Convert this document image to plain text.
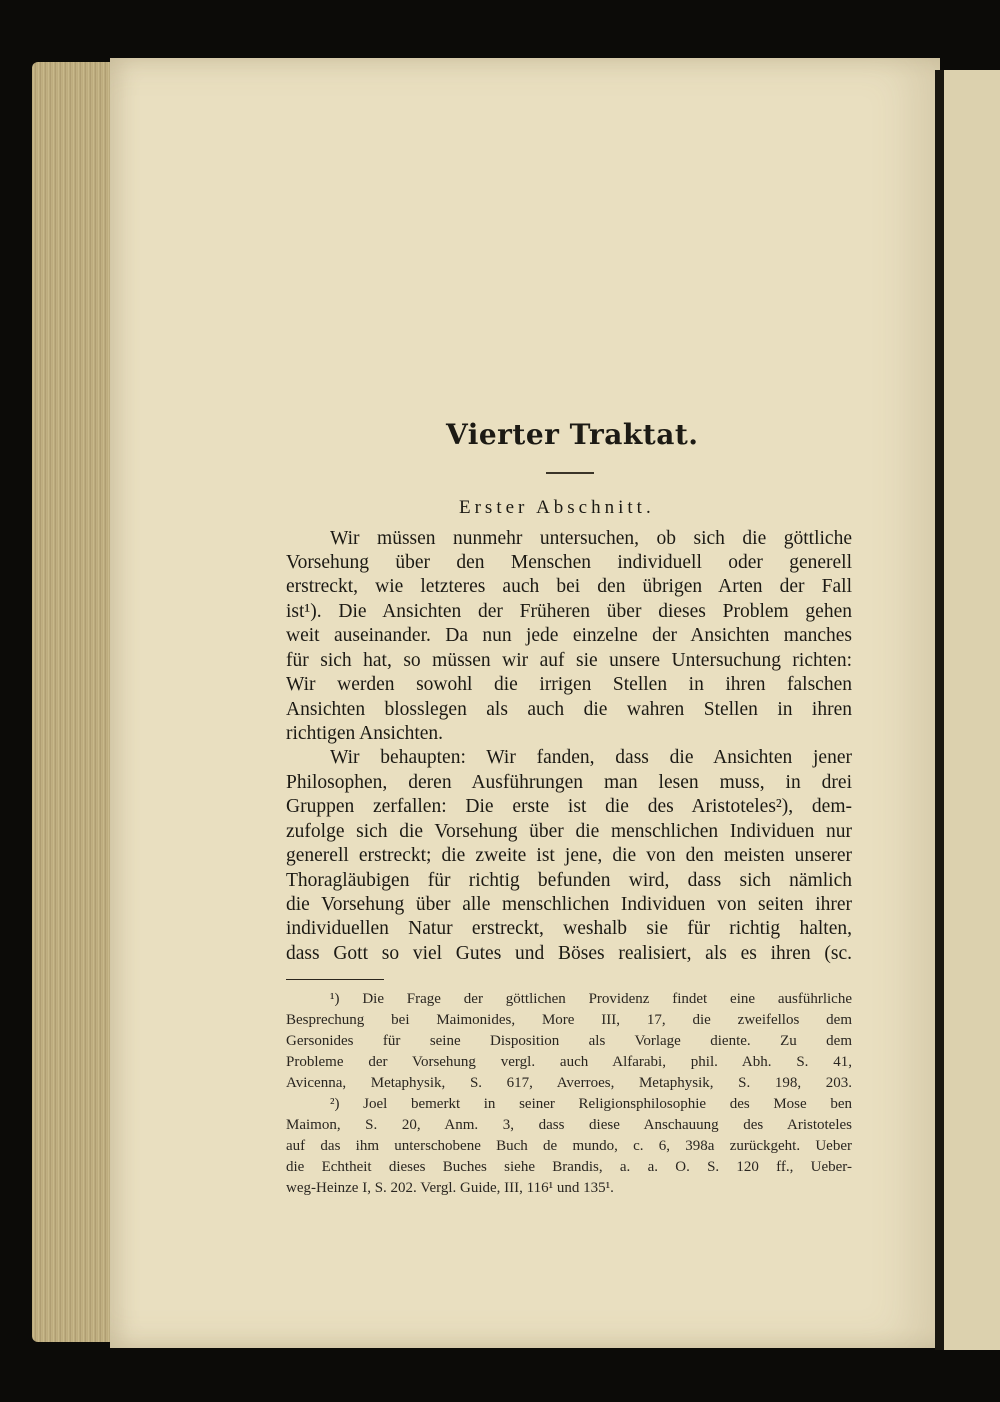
Vierter Traktat.
Erster Abschnitt.
Wir müssen nunmehr untersuchen, ob sich die göttliche
Vorsehung über den Menschen individuell oder generell
erstreckt, wie letzteres auch bei den übrigen Arten der Fall
ist¹). Die Ansichten der Früheren über dieses Problem gehen
weit auseinander. Da nun jede einzelne der Ansichten manches
für sich hat, so müssen wir auf sie unsere Untersuchung richten:
Wir werden sowohl die irrigen Stellen in ihren falschen
Ansichten blosslegen als auch die wahren Stellen in ihren
richtigen Ansichten.
Wir behaupten: Wir fanden, dass die Ansichten jener
Philosophen, deren Ausführungen man lesen muss, in drei
Gruppen zerfallen: Die erste ist die des Aristoteles²), dem-
zufolge sich die Vorsehung über die menschlichen Individuen nur
generell erstreckt; die zweite ist jene, die von den meisten unserer
Thoragläubigen für richtig befunden wird, dass sich nämlich
die Vorsehung über alle menschlichen Individuen von seiten ihrer
individuellen Natur erstreckt, weshalb sie für richtig halten,
dass Gott so viel Gutes und Böses realisiert, als es ihren (sc.
¹) Die Frage der göttlichen Providenz findet eine ausführliche
Besprechung bei Maimonides, More III, 17, die zweifellos dem
Gersonides für seine Disposition als Vorlage diente. Zu dem
Probleme der Vorsehung vergl. auch Alfarabi, phil. Abh. S. 41,
Avicenna, Metaphysik, S. 617, Averroes, Metaphysik, S. 198, 203.
²) Joel bemerkt in seiner Religionsphilosophie des Mose ben
Maimon, S. 20, Anm. 3, dass diese Anschauung des Aristoteles
auf das ihm unterschobene Buch de mundo, c. 6, 398a zurückgeht. Ueber
die Echtheit dieses Buches siehe Brandis, a. a. O. S. 120 ff., Ueber-
weg-Heinze I, S. 202. Vergl. Guide, III, 116¹ und 135¹.
